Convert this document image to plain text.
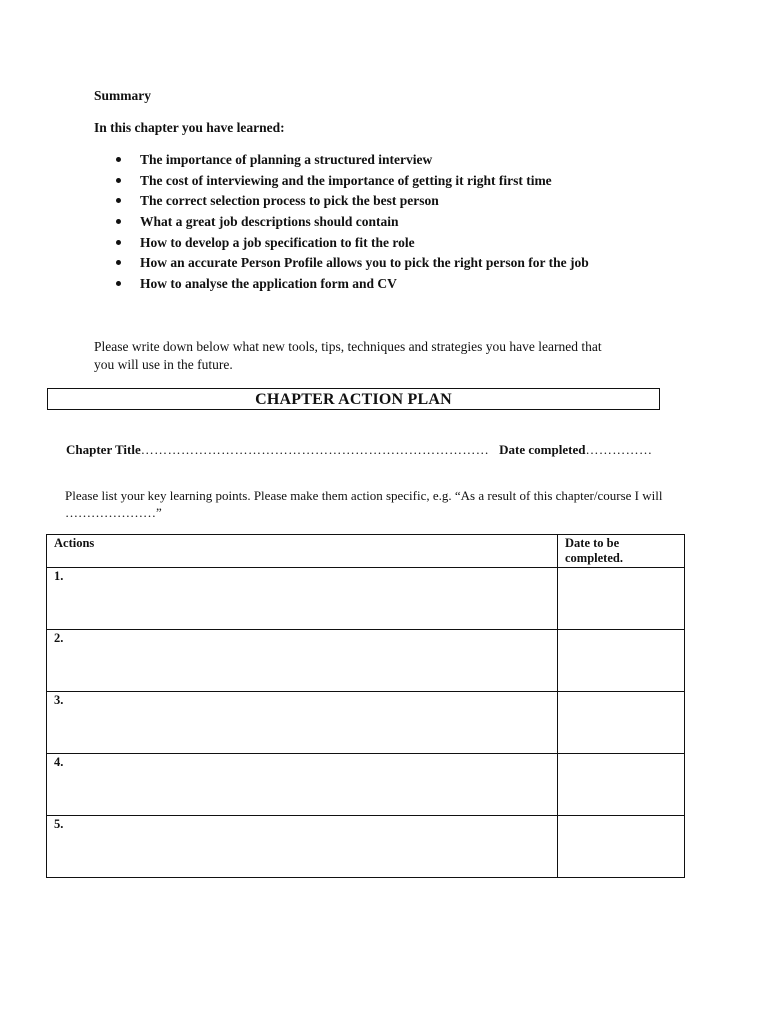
Summary
In this chapter you have learned:
The importance of planning a structured interview
The cost of interviewing and the importance of getting it right first time
The correct selection process to pick the best person
What a great job descriptions should contain
How to develop a job specification to fit the role
How an accurate Person Profile allows you to pick the right person for the job
How to analyse the application form and CV
Please write down below what new tools, tips, techniques and strategies you have learned that
you will use in the future.
CHAPTER ACTION PLAN
Chapter Title…………………………………………………………………… Date completed……………
Please list your key learning points. Please make them action specific, e.g. “As a result of this chapter/course I will
…………………”
Actions	Date to be completed.
1.	
2.	
3.	
4.	
5.	
